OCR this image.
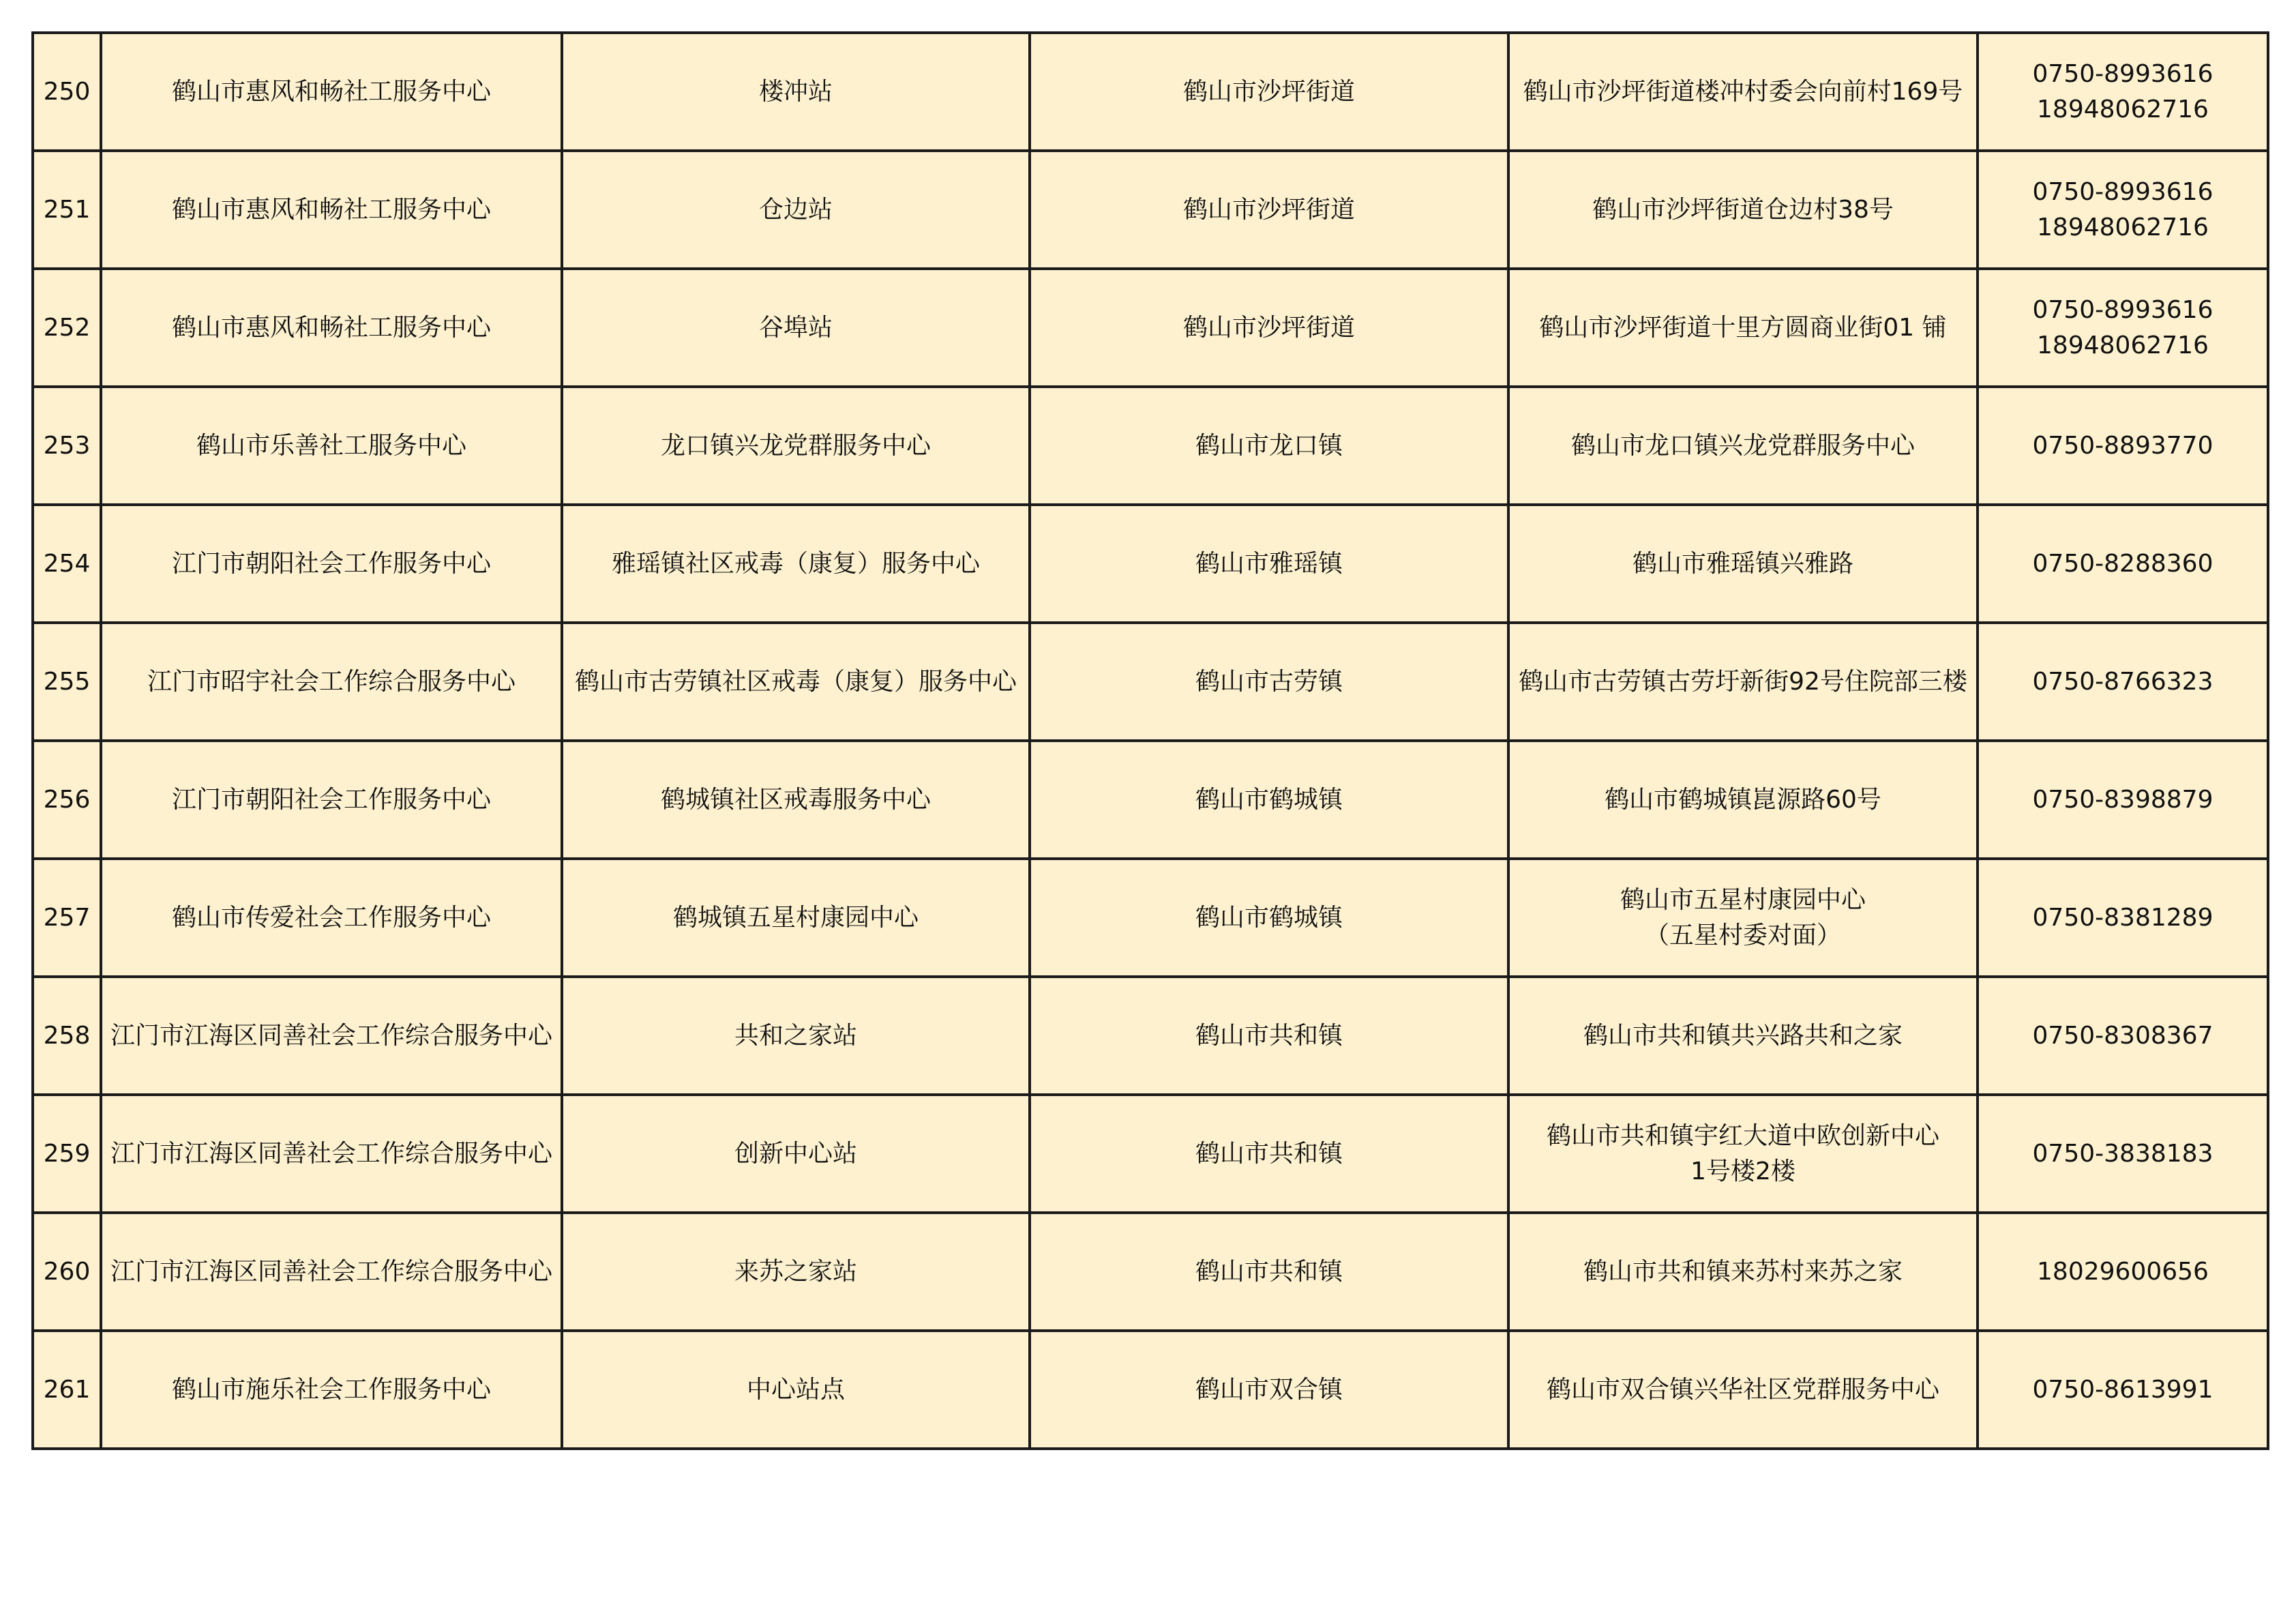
250	鹤山市惠风和畅社工服务中心	楼冲站	鹤山市沙坪街道	鹤山市沙坪街道楼冲村委会向前村169号	0750-8993616
18948062716

251	鹤山市惠风和畅社工服务中心	仓边站	鹤山市沙坪街道	鹤山市沙坪街道仓边村38号	0750-8993616
18948062716

252	鹤山市惠风和畅社工服务中心	谷埠站	鹤山市沙坪街道	鹤山市沙坪街道十里方圆商业街01 铺	0750-8993616
18948062716

253	鹤山市乐善社工服务中心	龙口镇兴龙党群服务中心	鹤山市龙口镇	鹤山市龙口镇兴龙党群服务中心	0750-8893770

254	江门市朝阳社会工作服务中心	雅瑶镇社区戒毒（康复）服务中心	鹤山市雅瑶镇	鹤山市雅瑶镇兴雅路	0750-8288360

255	江门市昭宇社会工作综合服务中心	鹤山市古劳镇社区戒毒（康复）服务中心	鹤山市古劳镇	鹤山市古劳镇古劳圩新街92号住院部三楼	0750-8766323

256	江门市朝阳社会工作服务中心	鹤城镇社区戒毒服务中心	鹤山市鹤城镇	鹤山市鹤城镇崑源路60号	0750-8398879

257	鹤山市传爱社会工作服务中心	鹤城镇五星村康园中心	鹤山市鹤城镇	鹤山市五星村康园中心
（五星村委对面）	0750-8381289

258	江门市江海区同善社会工作综合服务中心	共和之家站	鹤山市共和镇	鹤山市共和镇共兴路共和之家	0750-8308367

259	江门市江海区同善社会工作综合服务中心	创新中心站	鹤山市共和镇	鹤山市共和镇宇红大道中欧创新中心
1号楼2楼	0750-3838183

260	江门市江海区同善社会工作综合服务中心	来苏之家站	鹤山市共和镇	鹤山市共和镇来苏村来苏之家	18029600656

261	鹤山市施乐社会工作服务中心	中心站点	鹤山市双合镇	鹤山市双合镇兴华社区党群服务中心	0750-8613991
